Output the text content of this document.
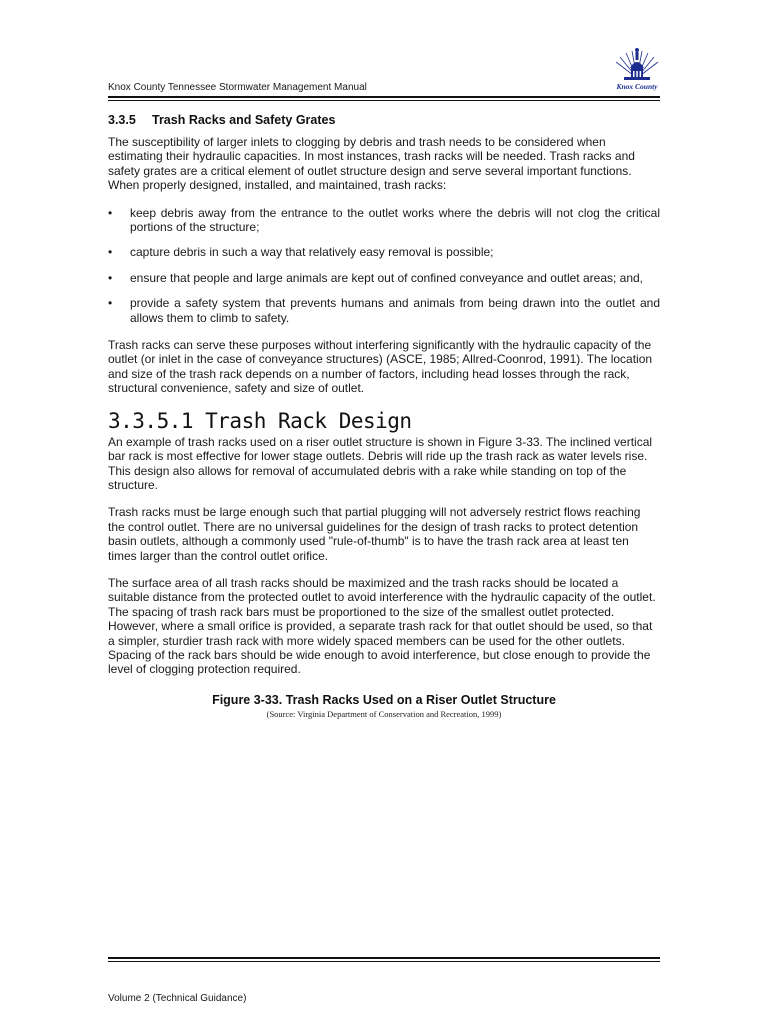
Knox County Tennessee Stormwater Management Manual	Knox County
3.3.5 Trash Racks and Safety Grates

The susceptibility of larger inlets to clogging by debris and trash needs to be considered when estimating their hydraulic capacities. In most instances, trash racks will be needed. Trash racks and safety grates are a critical element of outlet structure design and serve several important functions. When properly designed, installed, and maintained, trash racks:

• keep debris away from the entrance to the outlet works where the debris will not clog the critical portions of the structure;
• capture debris in such a way that relatively easy removal is possible;
• ensure that people and large animals are kept out of confined conveyance and outlet areas; and,
• provide a safety system that prevents humans and animals from being drawn into the outlet and allows them to climb to safety.

Trash racks can serve these purposes without interfering significantly with the hydraulic capacity of the outlet (or inlet in the case of conveyance structures) (ASCE, 1985; Allred-Coonrod, 1991). The location and size of the trash rack depends on a number of factors, including head losses through the rack, structural convenience, safety and size of outlet.

3.3.5.1 Trash Rack Design

An example of trash racks used on a riser outlet structure is shown in Figure 3-33. The inclined vertical bar rack is most effective for lower stage outlets. Debris will ride up the trash rack as water levels rise. This design also allows for removal of accumulated debris with a rake while standing on top of the structure.

Trash racks must be large enough such that partial plugging will not adversely restrict flows reaching the control outlet. There are no universal guidelines for the design of trash racks to protect detention basin outlets, although a commonly used "rule-of-thumb" is to have the trash rack area at least ten times larger than the control outlet orifice.

The surface area of all trash racks should be maximized and the trash racks should be located a suitable distance from the protected outlet to avoid interference with the hydraulic capacity of the outlet. The spacing of trash rack bars must be proportioned to the size of the smallest outlet protected. However, where a small orifice is provided, a separate trash rack for that outlet should be used, so that a simpler, sturdier trash rack with more widely spaced members can be used for the other outlets. Spacing of the rack bars should be wide enough to avoid interference, but close enough to provide the level of clogging protection required.

Figure 3-33. Trash Racks Used on a Riser Outlet Structure
(Source: Virginia Department of Conservation and Recreation, 1999)
Volume 2 (Technical Guidance)
